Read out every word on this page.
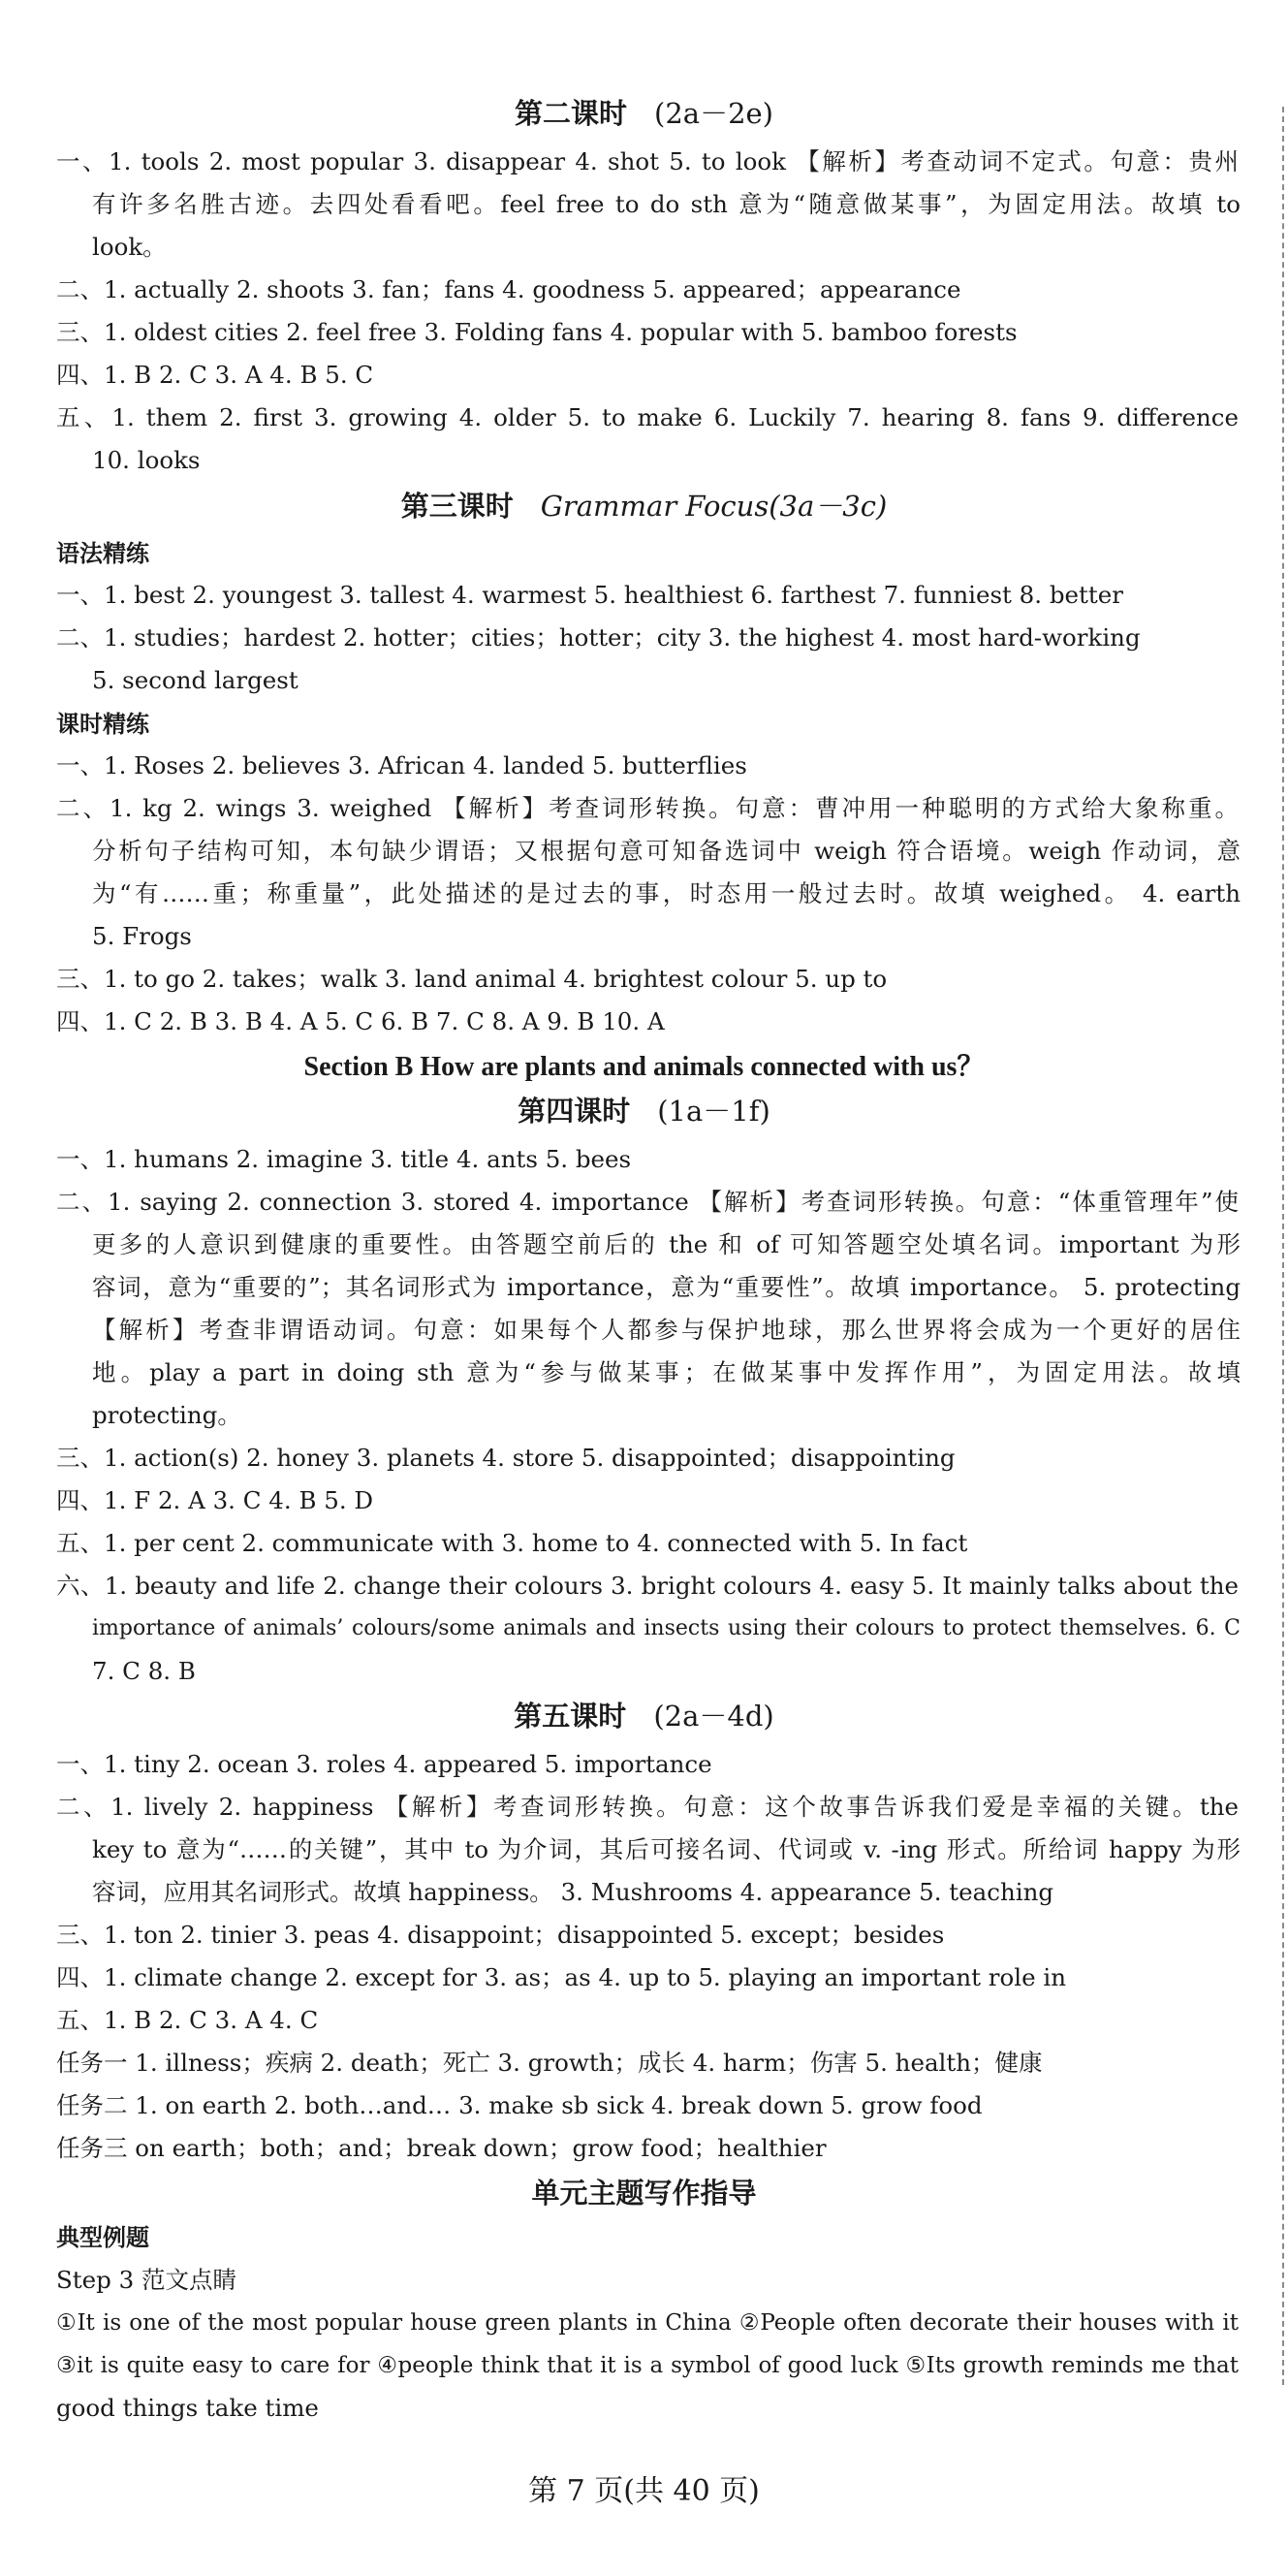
第二课时 (2a－2e)
一、1. tools 2. most popular 3. disappear 4. shot 5. to look 【解析】考查动词不定式。句意：贵州
有许多名胜古迹。去四处看看吧。feel free to do sth 意为“随意做某事”，为固定用法。故填 to
look。
二、1. actually 2. shoots 3. fan；fans 4. goodness 5. appeared；appearance
三、1. oldest cities 2. feel free 3. Folding fans 4. popular with 5. bamboo forests
四、1. B 2. C 3. A 4. B 5. C
五、1. them 2. first 3. growing 4. older 5. to make 6. Luckily 7. hearing 8. fans 9. difference
10. looks
第三课时 Grammar Focus(3a－3c)
语法精练
一、1. best 2. youngest 3. tallest 4. warmest 5. healthiest 6. farthest 7. funniest 8. better
二、1. studies；hardest 2. hotter；cities；hotter；city 3. the highest 4. most hard-working
5. second largest
课时精练
一、1. Roses 2. believes 3. African 4. landed 5. butterflies
二、1. kg 2. wings 3. weighed 【解析】考查词形转换。句意：曹冲用一种聪明的方式给大象称重。
分析句子结构可知，本句缺少谓语；又根据句意可知备选词中 weigh 符合语境。weigh 作动词，意
为“有……重；称重量”，此处描述的是过去的事，时态用一般过去时。故填 weighed。 4. earth
5. Frogs
三、1. to go 2. takes；walk 3. land animal 4. brightest colour 5. up to
四、1. C 2. B 3. B 4. A 5. C 6. B 7. C 8. A 9. B 10. A
Section B How are plants and animals connected with us？
第四课时 (1a－1f)
一、1. humans 2. imagine 3. title 4. ants 5. bees
二、1. saying 2. connection 3. stored 4. importance 【解析】考查词形转换。句意：“体重管理年”使
更多的人意识到健康的重要性。由答题空前后的 the 和 of 可知答题空处填名词。important 为形
容词，意为“重要的”；其名词形式为 importance，意为“重要性”。故填 importance。 5. protecting
【解析】考查非谓语动词。句意：如果每个人都参与保护地球，那么世界将会成为一个更好的居住
地。play a part in doing sth 意为“参与做某事；在做某事中发挥作用”，为固定用法。故填
protecting。
三、1. action(s) 2. honey 3. planets 4. store 5. disappointed；disappointing
四、1. F 2. A 3. C 4. B 5. D
五、1. per cent 2. communicate with 3. home to 4. connected with 5. In fact
六、1. beauty and life 2. change their colours 3. bright colours 4. easy 5. It mainly talks about the
importance of animals’ colours/some animals and insects using their colours to protect themselves. 6. C
7. C 8. B
第五课时 (2a－4d)
一、1. tiny 2. ocean 3. roles 4. appeared 5. importance
二、1. lively 2. happiness 【解析】考查词形转换。句意：这个故事告诉我们爱是幸福的关键。the
key to 意为“……的关键”，其中 to 为介词，其后可接名词、代词或 v. -ing 形式。所给词 happy 为形
容词，应用其名词形式。故填 happiness。 3. Mushrooms 4. appearance 5. teaching
三、1. ton 2. tinier 3. peas 4. disappoint；disappointed 5. except；besides
四、1. climate change 2. except for 3. as；as 4. up to 5. playing an important role in
五、1. B 2. C 3. A 4. C
任务一 1. illness；疾病 2. death；死亡 3. growth；成长 4. harm；伤害 5. health；健康
任务二 1. on earth 2. both…and… 3. make sb sick 4. break down 5. grow food
任务三 on earth；both；and；break down；grow food；healthier
单元主题写作指导
典型例题
Step 3 范文点睛
①It is one of the most popular house green plants in China ②People often decorate their houses with it
③it is quite easy to care for ④people think that it is a symbol of good luck ⑤Its growth reminds me that
good things take time
第 7 页(共 40 页)
